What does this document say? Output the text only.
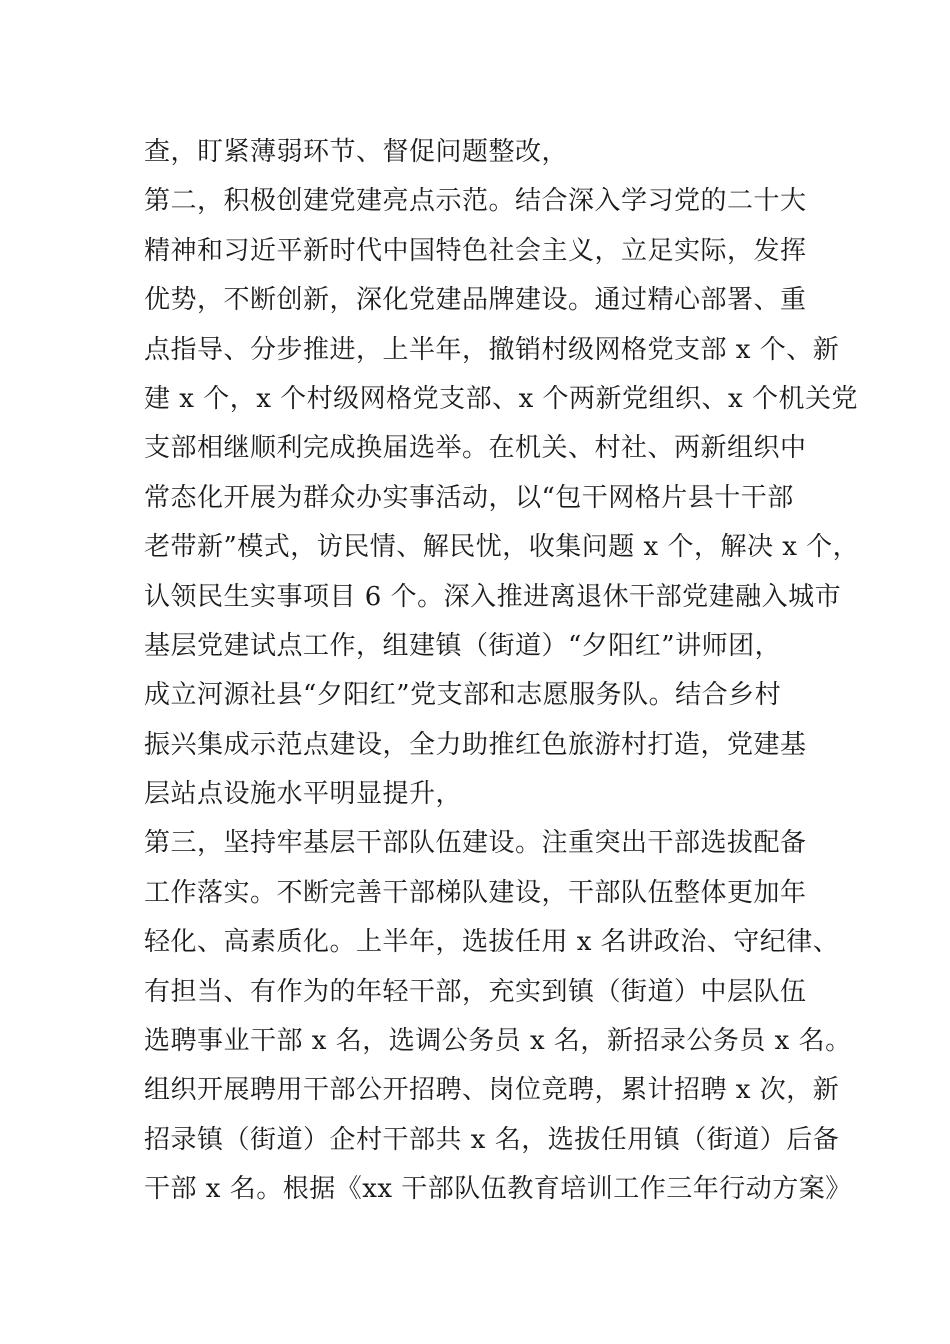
查，盯紧薄弱环节、督促问题整改，
第二，积极创建党建亮点示范。结合深入学习党的二十大
精神和习近平新时代中国特色社会主义，立足实际，发挥
优势，不断创新，深化党建品牌建设。通过精心部署、重
点指导、分步推进，上半年，撤销村级网格党支部 x 个、新
建 x 个，x 个村级网格党支部、x 个两新党组织、x 个机关党
支部相继顺利完成换届选举。在机关、村社、两新组织中
常态化开展为群众办实事活动，以“包干网格片县十干部
老带新”模式，访民情、解民忧，收集问题 x 个，解决 x 个，
认领民生实事项目 6 个。深入推进离退休干部党建融入城市
基层党建试点工作，组建镇（街道）“夕阳红”讲师团，
成立河源社县“夕阳红”党支部和志愿服务队。结合乡村
振兴集成示范点建设，全力助推红色旅游村打造，党建基
层站点设施水平明显提升，
第三，坚持牢基层干部队伍建设。注重突出干部选拔配备
工作落实。不断完善干部梯队建设，干部队伍整体更加年
轻化、高素质化。上半年，选拔任用 x 名讲政治、守纪律、
有担当、有作为的年轻干部，充实到镇（街道）中层队伍
选聘事业干部 x 名，选调公务员 x 名，新招录公务员 x 名。
组织开展聘用干部公开招聘、岗位竞聘，累计招聘 x 次，新
招录镇（街道）企村干部共 x 名，选拔任用镇（街道）后备
干部 x 名。根据《xx 干部队伍教育培训工作三年行动方案》
